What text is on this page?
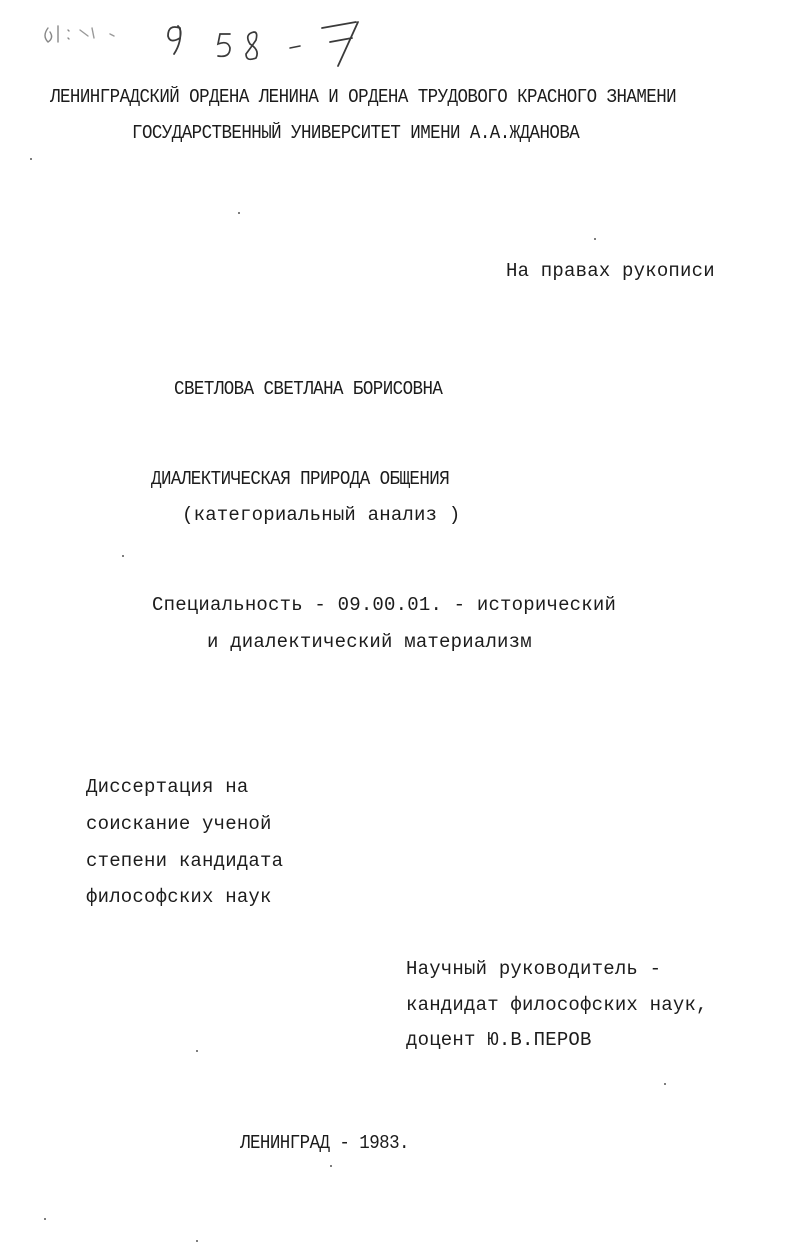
ЛЕНИНГРАДСКИЙ ОРДЕНА ЛЕНИНА И ОРДЕНА ТРУДОВОГО КРАСНОГО ЗНАМЕНИ
ГОСУДАРСТВЕННЫЙ УНИВЕРСИТЕТ ИМЕНИ А.А.ЖДАНОВА
На правах рукописи
СВЕТЛОВА СВЕТЛАНА БОРИСОВНА
ДИАЛЕКТИЧЕСКАЯ ПРИРОДА ОБЩЕНИЯ
(категориальный анализ )
Специальность - 09.00.01. - исторический
и диалектический материализм
Диссертация на
соискание ученой
степени кандидата
философских наук
Научный руководитель -
кандидат философских наук,
доцент Ю.В.ПЕРОВ
ЛЕНИНГРАД - 1983.
